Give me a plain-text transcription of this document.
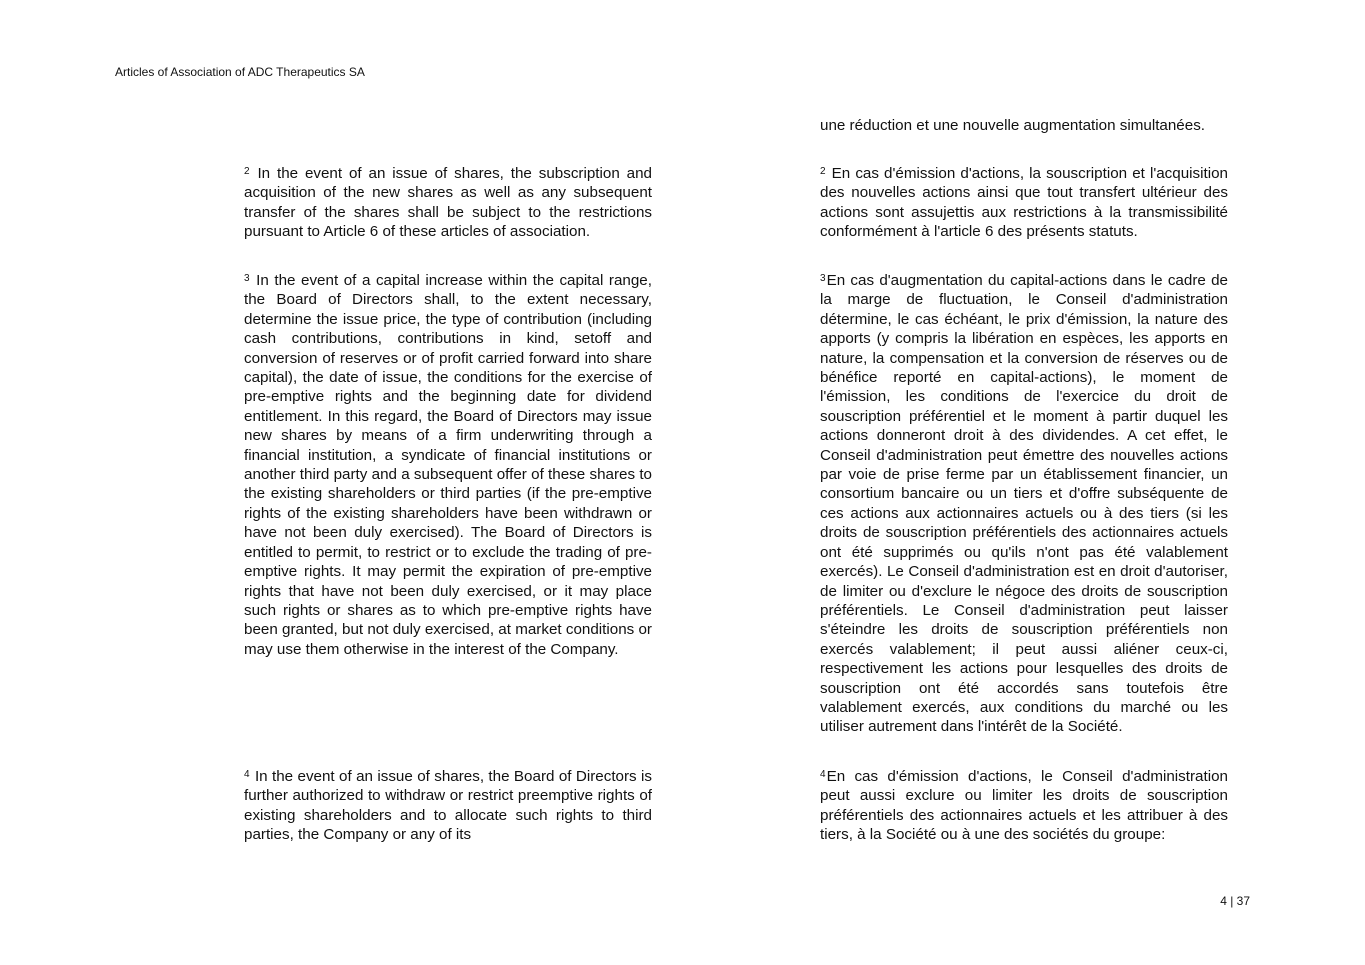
Articles of Association of ADC Therapeutics SA

$^2$ In the event of an issue of shares, the subscription and acquisition of the new shares as well as any subsequent transfer of the shares shall be subject to the restrictions pursuant to Article 6 of these articles of association.

$^3$ In the event of a capital increase within the capital range, the Board of Directors shall, to the extent necessary, determine the issue price, the type of contribution (including cash contributions, contributions in kind, setoff and conversion of reserves or of profit carried forward into share capital), the date of issue, the conditions for the exercise of pre-emptive rights and the beginning date for dividend entitlement. In this regard, the Board of Directors may issue new shares by means of a firm underwriting through a financial institution, a syndicate of financial institutions or another third party and a subsequent offer of these shares to the existing shareholders or third parties (if the pre-emptive rights of the existing shareholders have been withdrawn or have not been duly exercised). The Board of Directors is entitled to permit, to restrict or to exclude the trading of pre-emptive rights. It may permit the expiration of pre-emptive rights that have not been duly exercised, or it may place such rights or shares as to which pre-emptive rights have been granted, but not duly exercised, at market conditions or may use them otherwise in the interest of the Company.

$^4$ In the event of an issue of shares, the Board of Directors is further authorized to withdraw or restrict preemptive rights of existing shareholders and to allocate such rights to third parties, the Company or any of its

une réduction et une nouvelle augmentation simultanées.

$^2$ En cas d'émission d'actions, la souscription et l'acquisition des nouvelles actions ainsi que tout transfert ultérieur des actions sont assujettis aux restrictions à la transmissibilité conformément à l'article 6 des présents statuts.

$^3$En cas d'augmentation du capital-actions dans le cadre de la marge de fluctuation, le Conseil d'administration détermine, le cas échéant, le prix d'émission, la nature des apports (y compris la libération en espèces, les apports en nature, la compensation et la conversion de réserves ou de bénéfice reporté en capital-actions), le moment de l'émission, les conditions de l'exercice du droit de souscription préférentiel et le moment à partir duquel les actions donneront droit à des dividendes. A cet effet, le Conseil d'administration peut émettre des nouvelles actions par voie de prise ferme par un établissement financier, un consortium bancaire ou un tiers et d'offre subséquente de ces actions aux actionnaires actuels ou à des tiers (si les droits de souscription préférentiels des actionnaires actuels ont été supprimés ou qu'ils n'ont pas été valablement exercés). Le Conseil d'administration est en droit d'autoriser, de limiter ou d'exclure le négoce des droits de souscription préférentiels. Le Conseil d'administration peut laisser s'éteindre les droits de souscription préférentiels non exercés valablement; il peut aussi aliéner ceux-ci, respectivement les actions pour lesquelles des droits de souscription ont été accordés sans toutefois être valablement exercés, aux conditions du marché ou les utiliser autrement dans l'intérêt de la Société.

$^4$En cas d'émission d'actions, le Conseil d'administration peut aussi exclure ou limiter les droits de souscription préférentiels des actionnaires actuels et les attribuer à des tiers, à la Société ou à une des sociétés du groupe:

4 | 37
